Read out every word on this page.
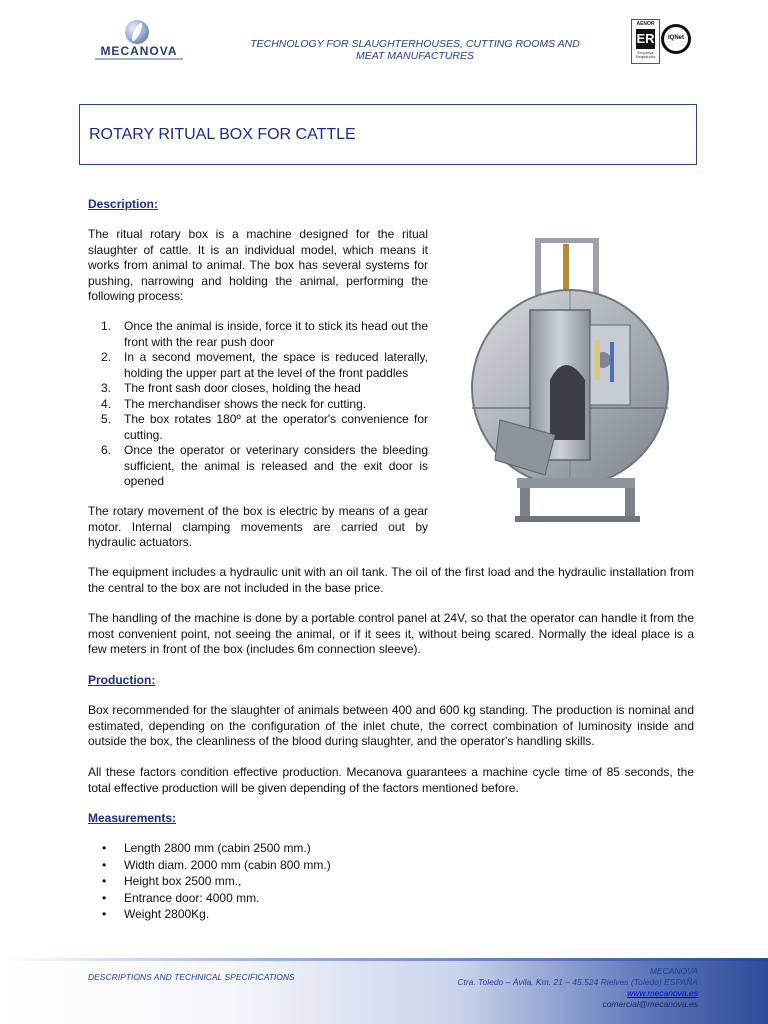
MECANOVA	TECHNOLOGY FOR SLAUGHTERHOUSES, CUTTING ROOMS AND MEAT MANUFACTURES
AENOR
ER
Empresa Registrada
IQNet
ROTARY RITUAL BOX FOR CATTLE
Description:
The ritual rotary box is a machine designed for the ritual slaughter of cattle. It is an individual model, which means it works from animal to animal. The box has several systems for pushing, narrowing and holding the animal, performing the following process:
1. Once the animal is inside, force it to stick its head out the front with the rear push door
2. In a second movement, the space is reduced laterally, holding the upper part at the level of the front paddles
3. The front sash door closes, holding the head
4. The merchandiser shows the neck for cutting.
5. The box rotates 180º at the operator's convenience for cutting.
6. Once the operator or veterinary considers the bleeding sufficient, the animal is released and the exit door is opened
The rotary movement of the box is electric by means of a gear motor. Internal clamping movements are carried out by hydraulic actuators.
The equipment includes a hydraulic unit with an oil tank. The oil of the first load and the hydraulic installation from the central to the box are not included in the base price.
The handling of the machine is done by a portable control panel at 24V, so that the operator can handle it from the most convenient point, not seeing the animal, or if it sees it, without being scared. Normally the ideal place is a few meters in front of the box (includes 6m connection sleeve).
Production:
Box recommended for the slaughter of animals between 400 and 600 kg standing. The production is nominal and estimated, depending on the configuration of the inlet chute, the correct combination of luminosity inside and outside the box, the cleanliness of the blood during slaughter, and the operator's handling skills.
All these factors condition effective production. Mecanova guarantees a machine cycle time of 85 seconds, the total effective production will be given depending of the factors mentioned before.
Measurements:
• Length 2800 mm (cabin 2500 mm.)
• Width diam. 2000 mm (cabin 800 mm.)
• Height box 2500 mm.,
• Entrance door: 4000 mm.
• Weight 2800Kg.
DESCRIPTIONS AND TECHNICAL SPECIFICATIONS
MECANOVA
Ctra. Toledo – Ávila, Km. 21 – 45.524 Rielves (Toledo) ESPAÑA
www.mecanova.es
comercial@mecanova.es
